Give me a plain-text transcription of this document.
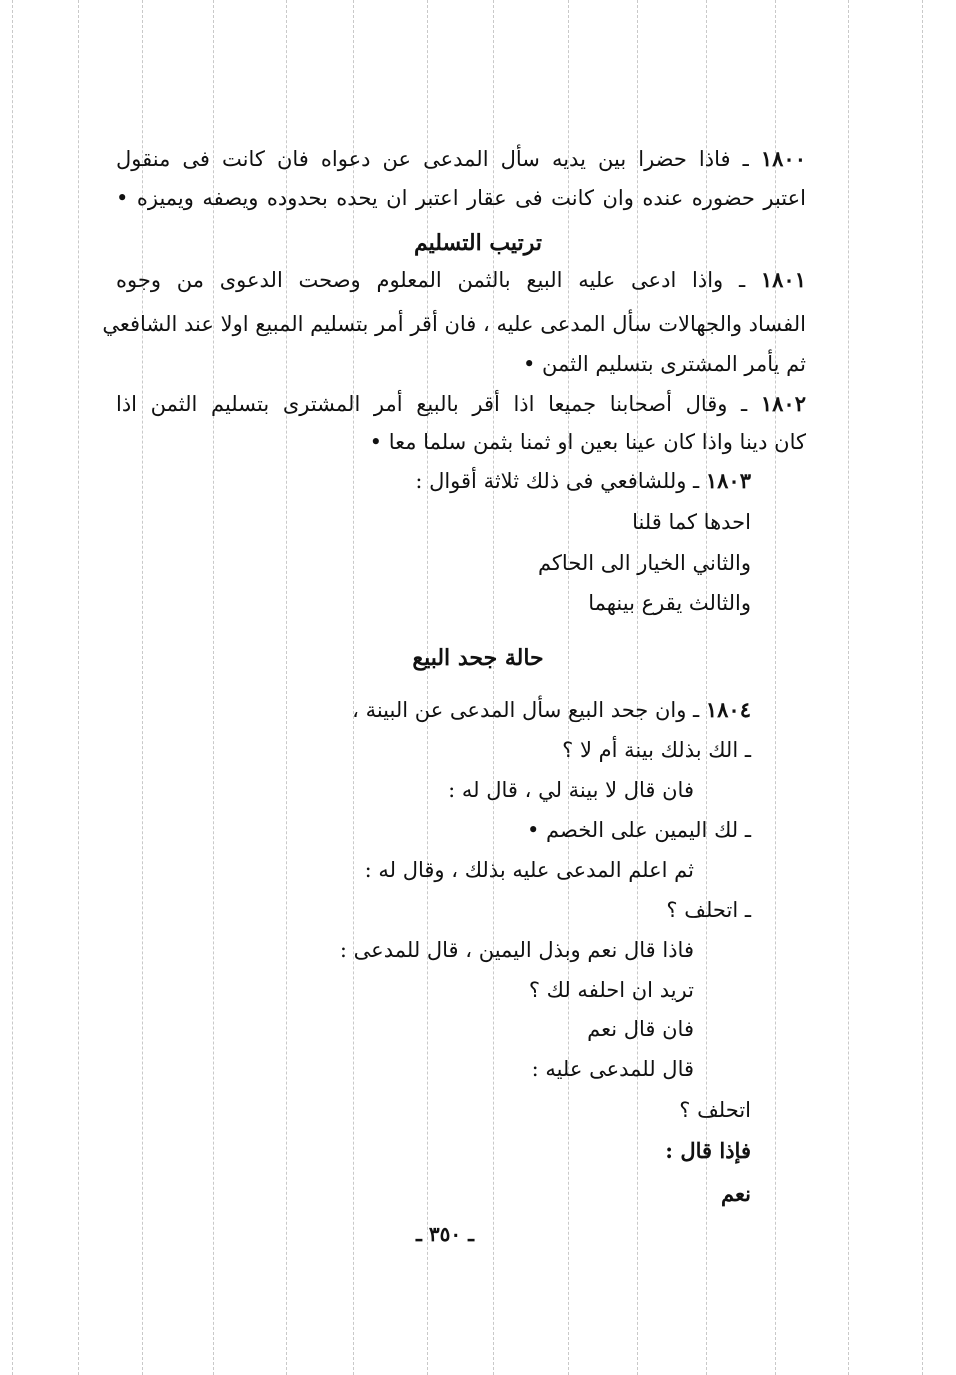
١٨٠٠ ـ فاذا حضرا بين يديه سأل المدعى عن دعواه فان كانت فى منقول
اعتبر حضوره عنده وان كانت فى عقار اعتبر ان يحده بحدوده ويصفه ويميزه •
ترتيب التسليم
١٨٠١ ـ واذا ادعى عليه البيع بالثمن المعلوم وصحت الدعوى من وجوه
الفساد والجهالات سأل المدعى عليه ، فان أقر أمر بتسليم المبيع اولا عند الشافعي
ثم يأمر المشترى بتسليم الثمن •
١٨٠٢ ـ وقال أصحابنا جميعا اذا أقر بالبيع أمر المشترى بتسليم الثمن اذا
كان دينا واذا كان عينا بعين او ثمنا بثمن سلما معا •
١٨٠٣ ـ وللشافعي فى ذلك ثلاثة أقوال :
احدها كما قلنا
والثاني الخيار الى الحاكم
والثالث يقرع بينهما
حالة جحد البيع
١٨٠٤ ـ وان جحد البيع سأل المدعى عن البينة ،
ـ الك بذلك بينة أم لا ؟
فان قال لا بينة لي ، قال له :
ـ لك اليمين على الخصم •
ثم اعلم المدعى عليه بذلك ، وقال له :
ـ اتحلف ؟
فاذا قال نعم وبذل اليمين ، قال للمدعى :
تريد ان احلفه لك ؟
فان قال نعم
قال للمدعى عليه :
اتحلف ؟
فإذا قال :
نعم
ـ ٣٥٠ ـ
